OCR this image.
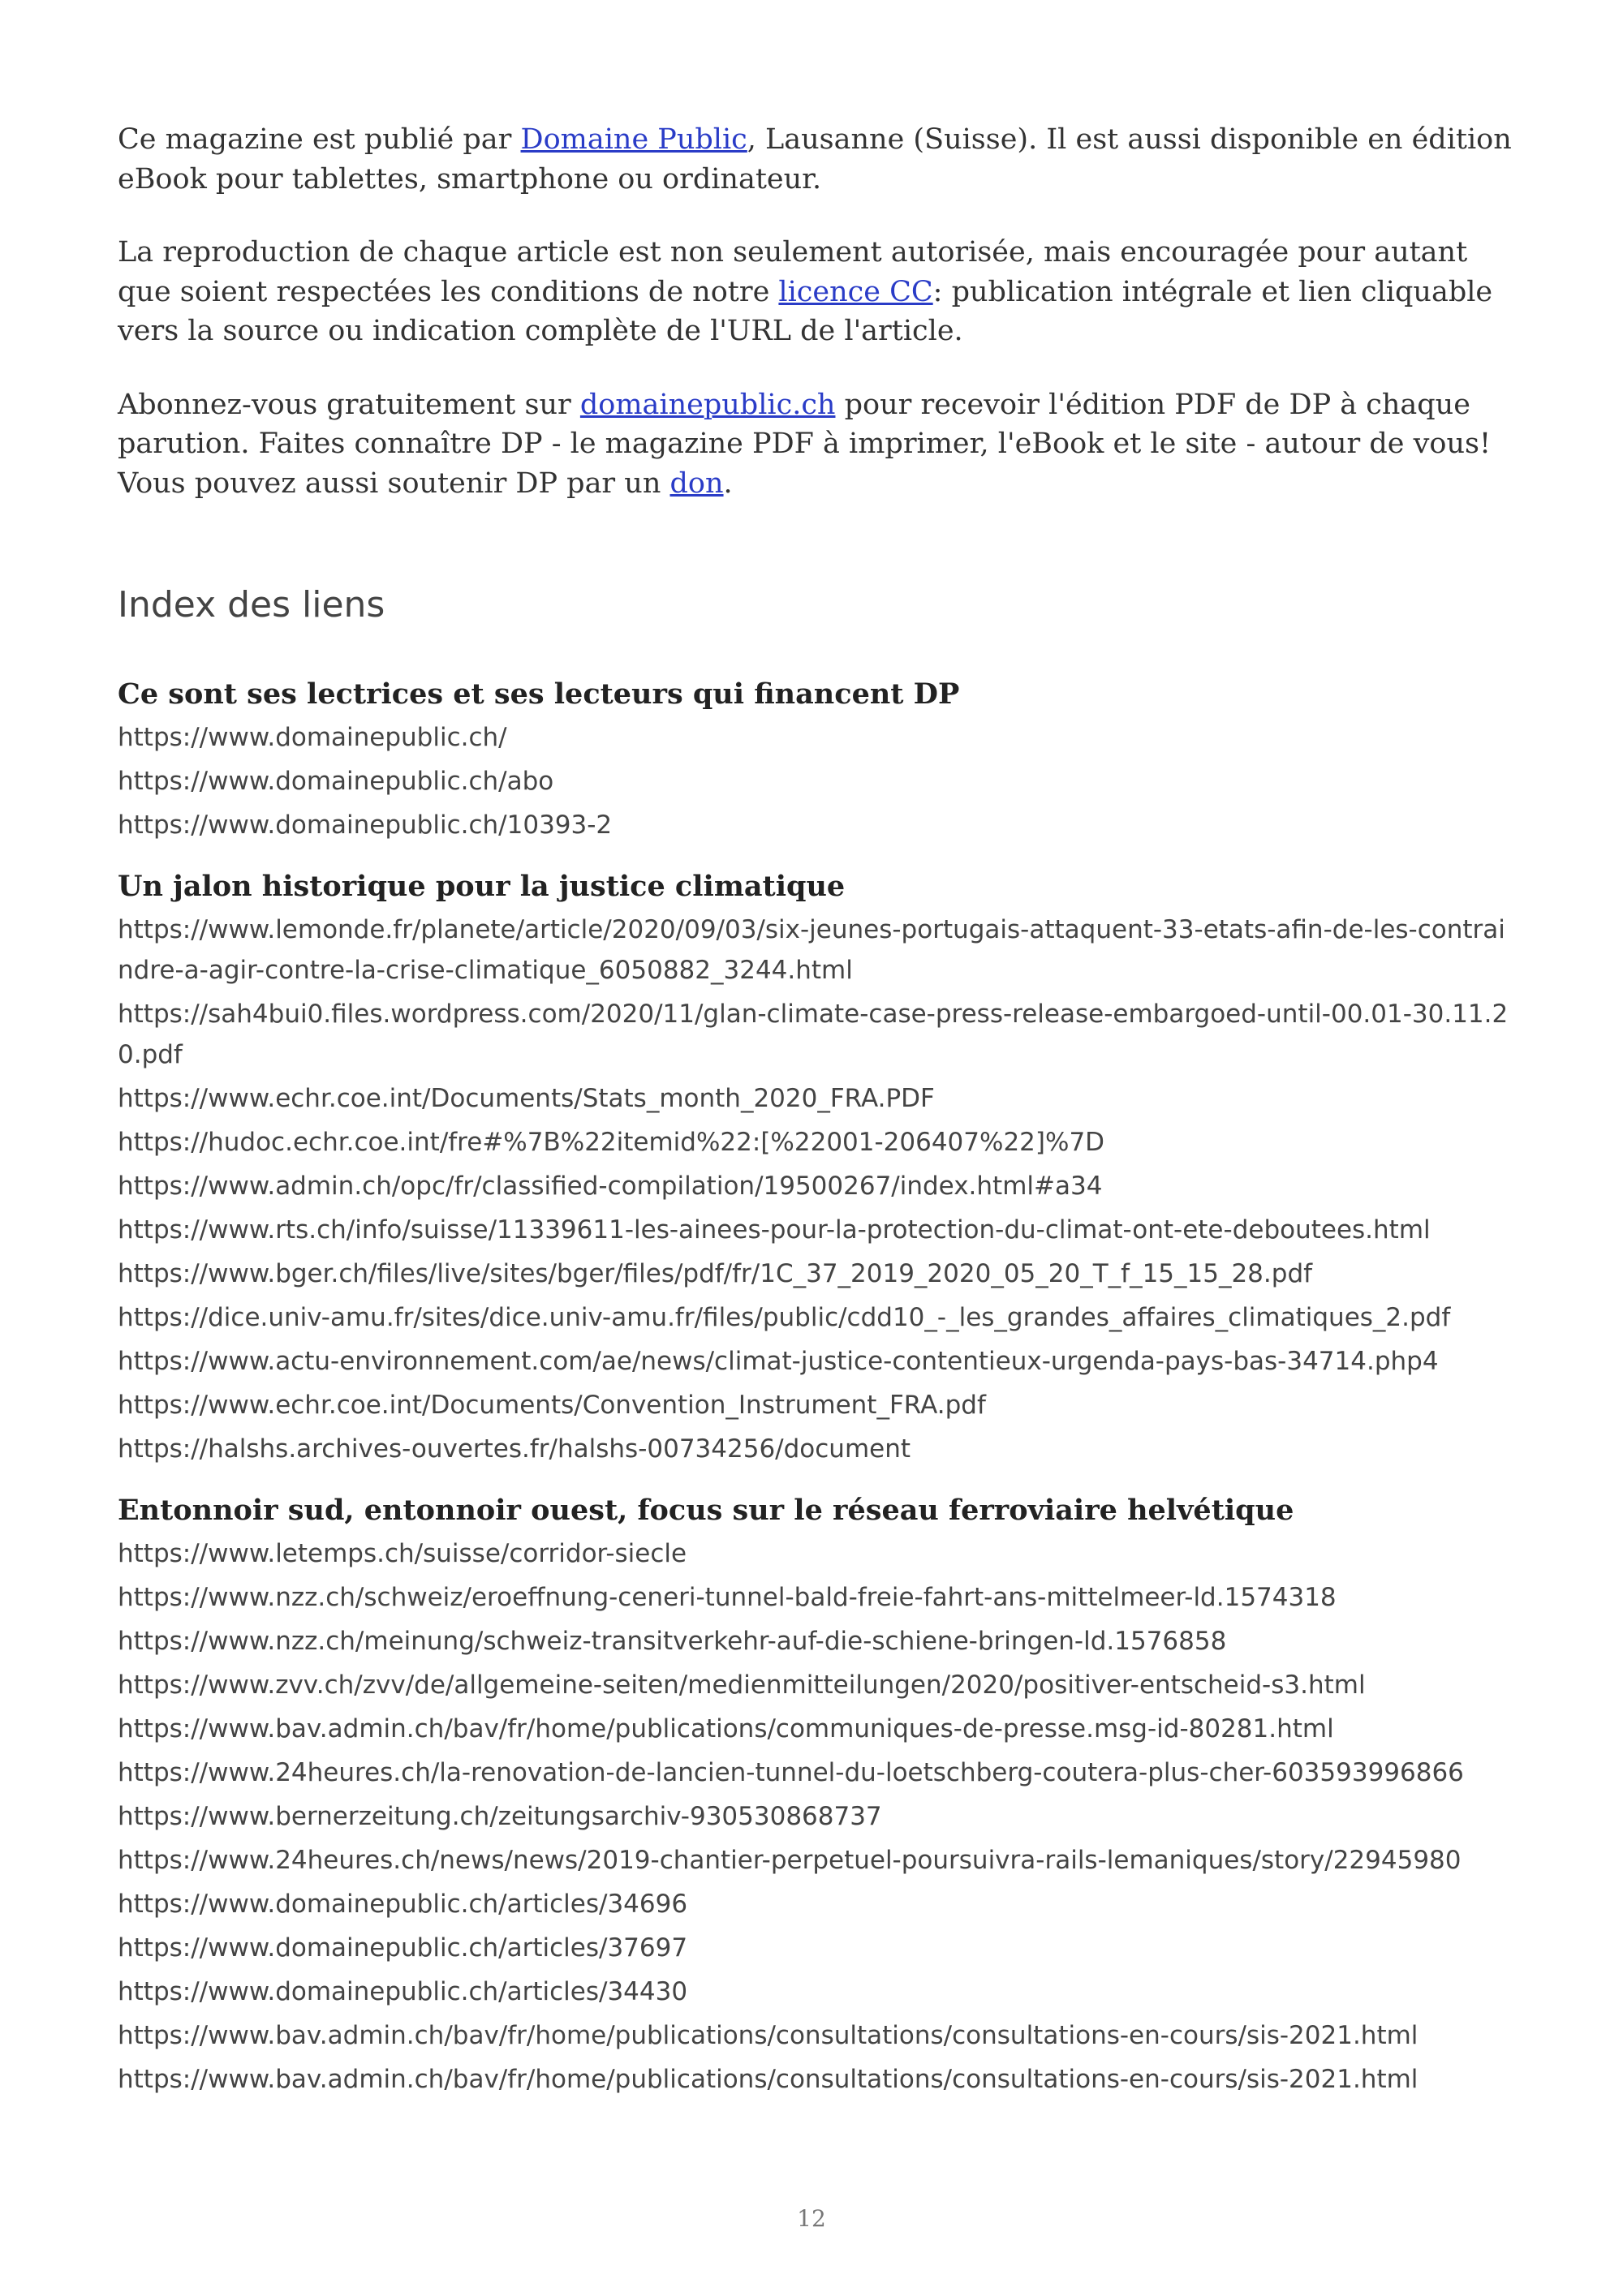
Ce magazine est publié par Domaine Public, Lausanne (Suisse). Il est aussi disponible en édition eBook pour tablettes, smartphone ou ordinateur.

La reproduction de chaque article est non seulement autorisée, mais encouragée pour autant que soient respectées les conditions de notre licence CC: publication intégrale et lien cliquable vers la source ou indication complète de l'URL de l'article.

Abonnez-vous gratuitement sur domainepublic.ch pour recevoir l'édition PDF de DP à chaque parution. Faites connaître DP - le magazine PDF à imprimer, l'eBook et le site - autour de vous! Vous pouvez aussi soutenir DP par un don.

Index des liens
Ce sont ses lectrices et ses lecteurs qui financent DP
https://www.domainepublic.ch/
https://www.domainepublic.ch/abo
https://www.domainepublic.ch/10393-2
Un jalon historique pour la justice climatique
https://www.lemonde.fr/planete/article/2020/09/03/six-jeunes-portugais-attaquent-33-etats-afin-de-les-contraindre-a-agir-contre-la-crise-climatique_6050882_3244.html
https://sah4bui0.files.wordpress.com/2020/11/glan-climate-case-press-release-embargoed-until-00.01-30.11.20.pdf
https://www.echr.coe.int/Documents/Stats_month_2020_FRA.PDF
https://hudoc.echr.coe.int/fre#%7B%22itemid%22:[%22001-206407%22]%7D
https://www.admin.ch/opc/fr/classified-compilation/19500267/index.html#a34
https://www.rts.ch/info/suisse/11339611-les-ainees-pour-la-protection-du-climat-ont-ete-deboutees.html
https://www.bger.ch/files/live/sites/bger/files/pdf/fr/1C_37_2019_2020_05_20_T_f_15_15_28.pdf
https://dice.univ-amu.fr/sites/dice.univ-amu.fr/files/public/cdd10_-_les_grandes_affaires_climatiques_2.pdf
https://www.actu-environnement.com/ae/news/climat-justice-contentieux-urgenda-pays-bas-34714.php4
https://www.echr.coe.int/Documents/Convention_Instrument_FRA.pdf
https://halshs.archives-ouvertes.fr/halshs-00734256/document
Entonnoir sud, entonnoir ouest, focus sur le réseau ferroviaire helvétique
https://www.letemps.ch/suisse/corridor-siecle
https://www.nzz.ch/schweiz/eroeffnung-ceneri-tunnel-bald-freie-fahrt-ans-mittelmeer-ld.1574318
https://www.nzz.ch/meinung/schweiz-transitverkehr-auf-die-schiene-bringen-ld.1576858
https://www.zvv.ch/zvv/de/allgemeine-seiten/medienmitteilungen/2020/positiver-entscheid-s3.html
https://www.bav.admin.ch/bav/fr/home/publications/communiques-de-presse.msg-id-80281.html
https://www.24heures.ch/la-renovation-de-lancien-tunnel-du-loetschberg-coutera-plus-cher-603593996866
https://www.bernerzeitung.ch/zeitungsarchiv-930530868737
https://www.24heures.ch/news/news/2019-chantier-perpetuel-poursuivra-rails-lemaniques/story/22945980
https://www.domainepublic.ch/articles/34696
https://www.domainepublic.ch/articles/37697
https://www.domainepublic.ch/articles/34430
https://www.bav.admin.ch/bav/fr/home/publications/consultations/consultations-en-cours/sis-2021.html
https://www.bav.admin.ch/bav/fr/home/publications/consultations/consultations-en-cours/sis-2021.html
12
